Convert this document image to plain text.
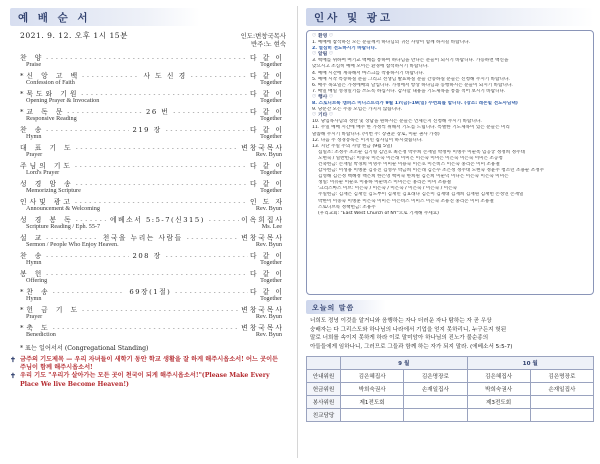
예 배 순 서
2021. 9. 12. 오후 1시 15분	인도:변창국목사
반주:노 현숙
찬 양 - - -	다 같 이
Praise	Together
*신 앙 고 백 - - -	사 도 신 경 - - -	다 같 이
Confession of Faith	Together
*묵도와 기원 - - -	다 같 이
Opening Prayer & Invocation	Together
*교 독 문 - - -	26 번 - - -	다 같 이
Responsive Reading	Together
찬 송 - - -	219 장 - - -	다 같 이
Hymn	Together
대 표 기 도 - - -	변창국목사
Prayer	Rev. Byun
주님의 기도 - - -	다 같 이
Lord's Prayer	Together
성 경 암 송 - - -	다 같 이
Memorizing Scripture	Together
인사및 광고 - - -	인 도 자
Announcement & Welcoming	Rev. Byun
성 경 봉 독 - - -	에베소서 5:5-7(신315) - - -	이옥희집사
Scripture Reading / Eph. 55-7	Ms. Lee
설 교 - - -	천국을 누리는 사람들 - - -	변창국목사
Sermon / People Who Enjoy Heaven.	Rev. Byun
찬 송 - - -	208 장 - - -	다 같 이
Hymn	Together
봉 헌 - - -	다 같 이
Offering	Together
*찬 송 - - -	69장(1절) - - -	다 같 이
Hymn	Together
*헌 금 기 도 - - -	변창국목사
Prayer	Rev. Byun
*축 도 - - -	변창국목사
Benediction	Rev. Byun
* 표는 일어서서 (Congregational Standing)
✝ 금주의 기도제목 — 우리 자녀들이 새학기 동안 학교 생활을 잘 하게 해주시옵소서! 어느 곳이든 주님이 함께 해주시옵소서!
✝ 우리 기도 "우리가 살아가는 모든 곳이 천국이 되게 해주시옵소서!"(Please Make Every Place We live Become Heaven!)
인사 및 광고
♡ 환영 ♡
1. 예배에 참석하신 모든 분들께서 하나님의 귀신 사랑이 함께 하시길 바랍니다.
2. 열심히 전도하시기 바랍니다.
♡ 알림 ♡
3. 백배를 위하여 여기교 백배를 통하여 하나님을 만나는 분들이 되시기 바랍니다. 가능하면 백신을
맞으시고 조심히 예배 모이는 환경에 참석하시기 바랍니다.
4. 예배 시간에 계속해서 마스크를 착용하시기 바랍니다.
5. 예배 시작 특송하실 분들 그리고 선생님 발표하실 분들 간증하실 분들은 신청해 주시기 바랍니다.
6. 매주 목요일은 가정에배의 날입니다. 가정에서 항상 하나님과 동행하시는 분들이 되시기 바랍니다.
7. 매일 매일 성경일기를 쓰도록 하십시다. 감사할 내용을 기도제목을 통틀 적어 보시기 바랍니다.
♡ 행사 ♡
8. 스토니브룩 캠퍼스 미니스트리가 9월 17(금)-19(일) 수련회를 합니다. (장소: 레몬힐 전도사님댁)
9. 당분간 모든 주중 모임은 가지지 않습니다.
♡ 기타 ♡
10. 당임목사님의 성탄 및 상담을 원하시는 분들은 언제든지 신청해 주시기 바랍니다.
11. 주일 예배 시간에 매주 한 가정씩 위해서 기도를 드립니다. 특별한 기도제목이 있는 분들은 미리
말씀해 주시기 바랍니다. (이번 주: 장권준 장로, 이순 권사 가정)
12. 다음 주 성경봉독은 이지민 집사님이 하시겠습니다.
13. 지난 주일 주의 사랑 헌금 (9월 5일)
십일조: 조정주 조소순 김기형 김인호 최은정 박주희 손재일 박정아 이병주 이순옥 임공궁 정정희 정주대
노현숙 / 일반헌금: 이중숙 이은숙 이은래 이미은 이은숙 이미은 이은숙 이은숙 이미은 조공청
건축헌금: 손재일 박경희 이명주 이미순 이용숙 이은호 이은비스 이은숙 홍리온 이미 조용철
감사헌금: 이성용 이병훈 김유진 김성수 박금희 이은래 김은수 조은정 정주대 노현숙 정윤주 청소년 조용순 조정주
김영해 김은정 백혜정 백은희 한은영 백미숙 한희원 김은희 이순덕 이다은 이은숙 이은숙 이미은
생일: 이유순 이순호 이용하 이순비스 이미은는 홍리온 이미 조용철
'크리스마스 이브: 이은숙 / 이은숙 / 이은숙 / 이은숙 / 이은숙 / 이은숙
주일헌금: 김재은 김재인 김도부이 김재민 김효래나 김은이 김재대 김재희 김재원 김재헌 손성연 손재일
박한이 이중숙 이병훈 이은숙 이미은 이은비스 이미스 이은숙 조용진 홍리온 이미 조용철
스토니브룩 정책헌금: 조용주
(우리교회: "East West Church of NY"으로 기재해 주세요)
오늘의 말씀
너희도 정녕 이것을 알거니와 음행하는 자나 더러운 자나 탐하는 자 곧 우상
숭배자는 다 그리스도와 하나님의 나라에서 기업을 얻지 못하리니, 누구든지 헛된
말로 너희를 속이지 못하게 하라 이로 말미암아 하나님의 진노가 불순종의
아들들에게 임하나니, 그러므로 그들과 함께 하는 자가 되지 말라. (에베소서 5:5-7)
	9 월		10 월	
안내위원	김은혜집사	김은명장로	김은혜집사	김은명장로
헌금위원	박희숙권사	손재일집사	박희숙권사	손재일집사
봉사위원	제1전도회		제3전도회	
친교담당				
